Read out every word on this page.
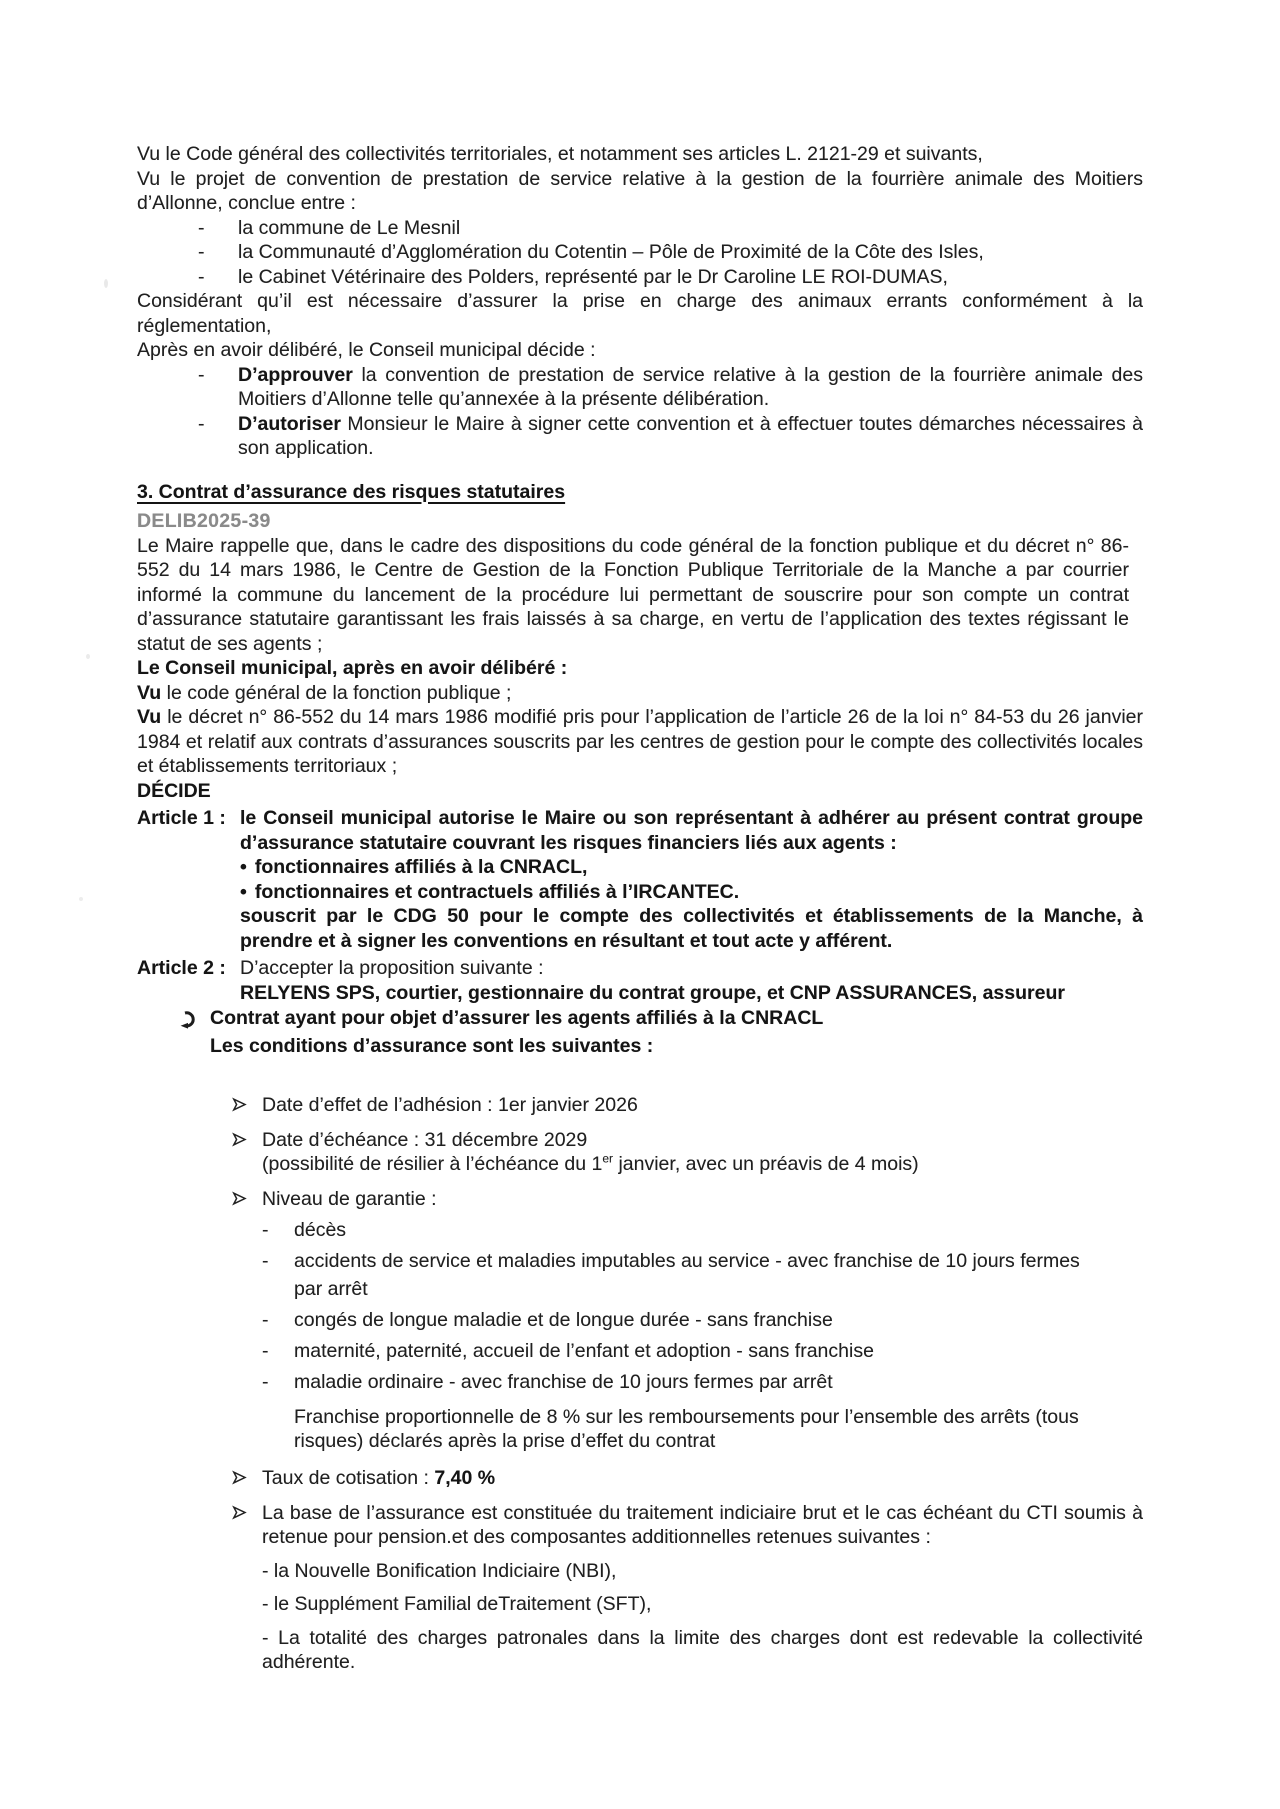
Vu le Code général des collectivités territoriales, et notamment ses articles L. 2121-29 et suivants,

Vu le projet de convention de prestation de service relative à la gestion de la fourrière animale des Moitiers d’Allonne, conclue entre :

- la commune de Le Mesnil
- la Communauté d’Agglomération du Cotentin – Pôle de Proximité de la Côte des Isles,
- le Cabinet Vétérinaire des Polders, représenté par le Dr Caroline LE ROI-DUMAS,

Considérant qu’il est nécessaire d’assurer la prise en charge des animaux errants conformément à la réglementation,

Après en avoir délibéré, le Conseil municipal décide :

- D’approuver la convention de prestation de service relative à la gestion de la fourrière animale des Moitiers d’Allonne telle qu’annexée à la présente délibération.
- D’autoriser Monsieur le Maire à signer cette convention et à effectuer toutes démarches nécessaires à son application.

3. Contrat d’assurance des risques statutaires

DELIB2025-39

Le Maire rappelle que, dans le cadre des dispositions du code général de la fonction publique et du décret n° 86-552 du 14 mars 1986, le Centre de Gestion de la Fonction Publique Territoriale de la Manche a par courrier informé la commune du lancement de la procédure lui permettant de souscrire pour son compte un contrat d’assurance statutaire garantissant les frais laissés à sa charge, en vertu de l’application des textes régissant le statut de ses agents ;

Le Conseil municipal, après en avoir délibéré :

Vu le code général de la fonction publique ;

Vu le décret n° 86-552 du 14 mars 1986 modifié pris pour l’application de l’article 26 de la loi n° 84-53 du 26 janvier 1984 et relatif aux contrats d’assurances souscrits par les centres de gestion pour le compte des collectivités locales et établissements territoriaux ;

DÉCIDE

Article 1 : le Conseil municipal autorise le Maire ou son représentant à adhérer au présent contrat groupe d’assurance statutaire couvrant les risques financiers liés aux agents :

• fonctionnaires affiliés à la CNRACL,
• fonctionnaires et contractuels affiliés à l’IRCANTEC.

souscrit par le CDG 50 pour le compte des collectivités et établissements de la Manche, à prendre et à signer les conventions en résultant et tout acte y afférent.

Article 2 : D’accepter la proposition suivante :

RELYENS SPS, courtier, gestionnaire du contrat groupe, et CNP ASSURANCES, assureur

Contrat ayant pour objet d’assurer les agents affiliés à la CNRACL

Les conditions d’assurance sont les suivantes :

Date d’effet de l’adhésion : 1er janvier 2026

Date d’échéance : 31 décembre 2029

(possibilité de résilier à l’échéance du 1er janvier, avec un préavis de 4 mois)

Niveau de garantie :

- décès
- accidents de service et maladies imputables au service - avec franchise de 10 jours fermes par arrêt
- congés de longue maladie et de longue durée - sans franchise
- maternité, paternité, accueil de l’enfant et adoption - sans franchise
- maladie ordinaire - avec franchise de 10 jours fermes par arrêt

Franchise proportionnelle de 8 % sur les remboursements pour l’ensemble des arrêts (tous risques) déclarés après la prise d’effet du contrat

Taux de cotisation : 7,40 %

La base de l’assurance est constituée du traitement indiciaire brut et le cas échéant du CTI soumis à retenue pour pension.et des composantes additionnelles retenues suivantes :

- la Nouvelle Bonification Indiciaire (NBI),

- le Supplément Familial deTraitement (SFT),

- La totalité des charges patronales dans la limite des charges dont est redevable la collectivité adhérente.
